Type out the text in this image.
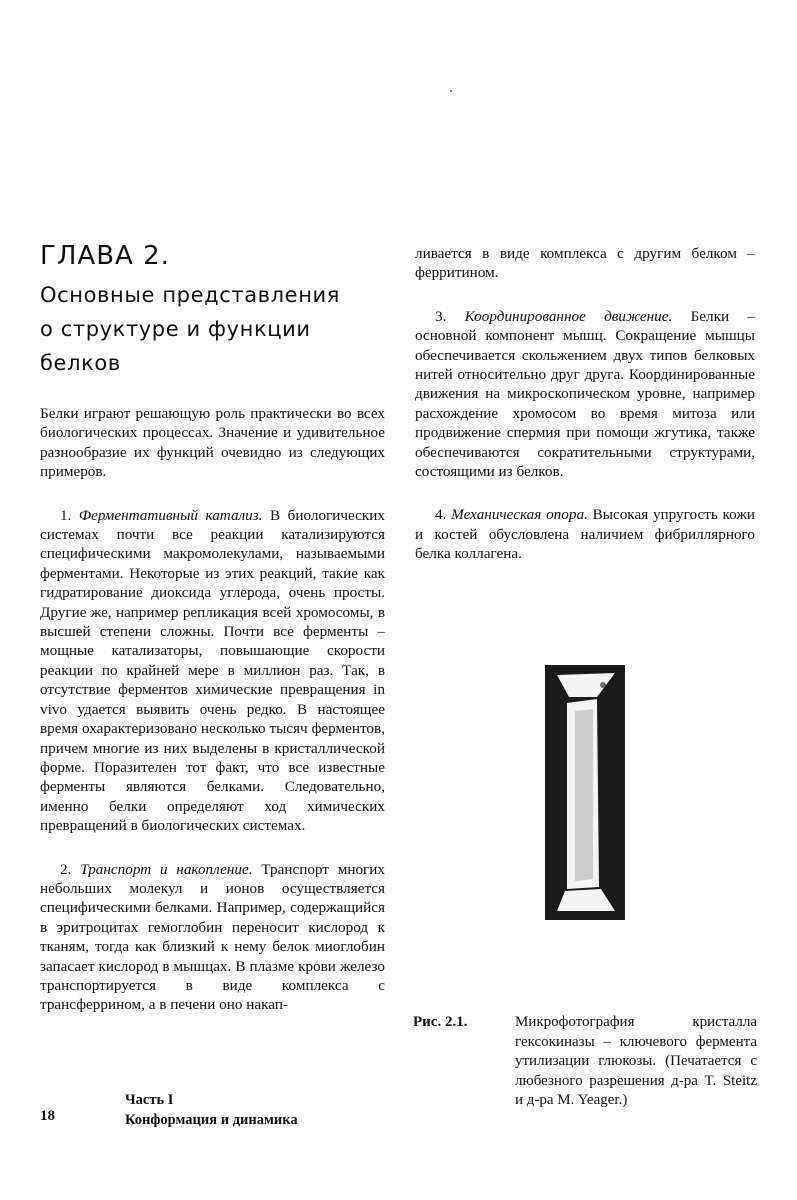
ГЛАВА 2.
Основные представления
о структуре и функции
белков

Белки играют решающую роль практически во всех биологических процессах. Значение и удивительное разнообразие их функций очевидно из следующих примеров.

1. Ферментативный катализ. В биологических системах почти все реакции катализируются специфическими макромолекулами, называемыми ферментами. Некоторые из этих реакций, такие как гидратирование диоксида углерода, очень просты. Другие же, например репликация всей хромосомы, в высшей степени сложны. Почти все ферменты – мощные катализаторы, повышающие скорости реакции по крайней мере в миллион раз. Так, в отсутствие ферментов химические превращения in vivo удается выявить очень редко. В настоящее время охарактеризовано несколько тысяч ферментов, причем многие из них выделены в кристаллической форме. Поразителен тот факт, что все известные ферменты являются белками. Следовательно, именно белки определяют ход химических превращений в биологических системах.

2. Транспорт и накопление. Транспорт многих небольших молекул и ионов осуществляется специфическими белками. Например, содержащийся в эритроцитах гемоглобин переносит кислород к тканям, тогда как близкий к нему белок миоглобин запасает кислород в мышцах. В плазме крови железо транспортируется в виде комплекса с трансферрином, а в печени оно накап-

ливается в виде комплекса с другим белком – ферритином.

3. Координированное движение. Белки – основной компонент мышц. Сокращение мышцы обеспечивается скольжением двух типов белковых нитей относительно друг друга. Координированные движения на микроскопическом уровне, например расхождение хромосом во время митоза или продвижение спермия при помощи жгутика, также обеспечиваются сократительными структурами, состоящими из белков.

4. Механическая опора. Высокая упругость кожи и костей обусловлена наличием фибриллярного белка коллагена.

Рис. 2.1.	Микрофотография кристалла гексокиназы – ключевого фермента утилизации глюкозы. (Печатается с любезного разрешения д-ра T. Steitz и д-ра M. Yeager.)
18
Часть I
Конформация и динамика
